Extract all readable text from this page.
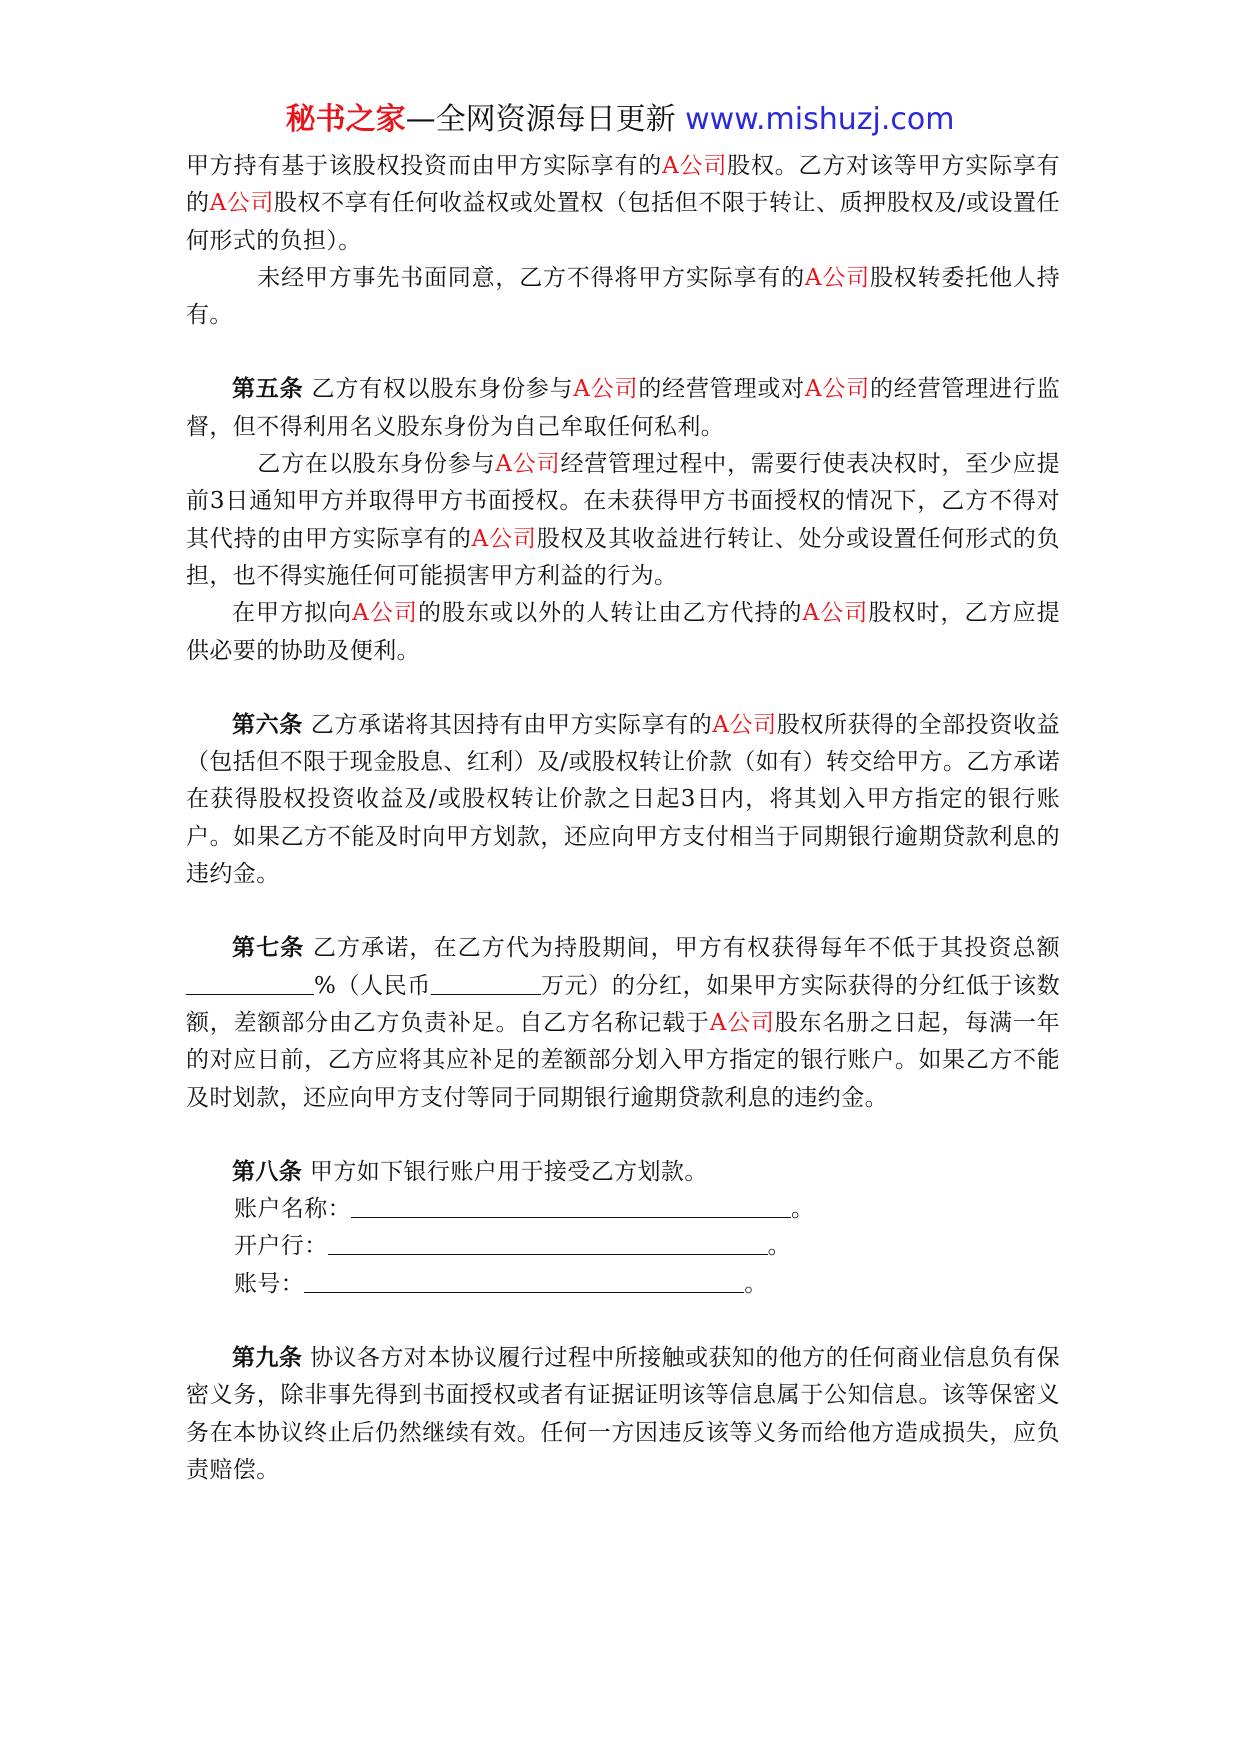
秘书之家—全网资源每日更新 www.mishuzj.com

甲方持有基于该股权投资而由甲方实际享有的A公司股权。乙方对该等甲方实际享有的A公司股权不享有任何收益权或处置权（包括但不限于转让、质押股权及/或设置任何形式的负担）。

未经甲方事先书面同意，乙方不得将甲方实际享有的A公司股权转委托他人持有。

第五条 乙方有权以股东身份参与A公司的经营管理或对A公司的经营管理进行监督，但不得利用名义股东身份为自己牟取任何私利。

乙方在以股东身份参与A公司经营管理过程中，需要行使表决权时，至少应提前3日通知甲方并取得甲方书面授权。在未获得甲方书面授权的情况下，乙方不得对其代持的由甲方实际享有的A公司股权及其收益进行转让、处分或设置任何形式的负担，也不得实施任何可能损害甲方利益的行为。

在甲方拟向A公司的股东或以外的人转让由乙方代持的A公司股权时，乙方应提供必要的协助及便利。

第六条 乙方承诺将其因持有由甲方实际享有的A公司股权所获得的全部投资收益（包括但不限于现金股息、红利）及/或股权转让价款（如有）转交给甲方。乙方承诺在获得股权投资收益及/或股权转让价款之日起3日内，将其划入甲方指定的银行账户。如果乙方不能及时向甲方划款，还应向甲方支付相当于同期银行逾期贷款利息的违约金。

第七条 乙方承诺，在乙方代为持股期间，甲方有权获得每年不低于其投资总额%（人民币	万元）的分红，如果甲方实际获得的分红低于该数额，差额部分由乙方负责补足。自乙方名称记载于A公司股东名册之日起，每满一年的对应日前，乙方应将其应补足的差额部分划入甲方指定的银行账户。如果乙方不能及时划款，还应向甲方支付等同于同期银行逾期贷款利息的违约金。

第八条 甲方如下银行账户用于接受乙方划款。

账户名称：	。

开户行：	。

账号：	。

第九条 协议各方对本协议履行过程中所接触或获知的他方的任何商业信息负有保密义务，除非事先得到书面授权或者有证据证明该等信息属于公知信息。该等保密义务在本协议终止后仍然继续有效。任何一方因违反该等义务而给他方造成损失，应负责赔偿。
